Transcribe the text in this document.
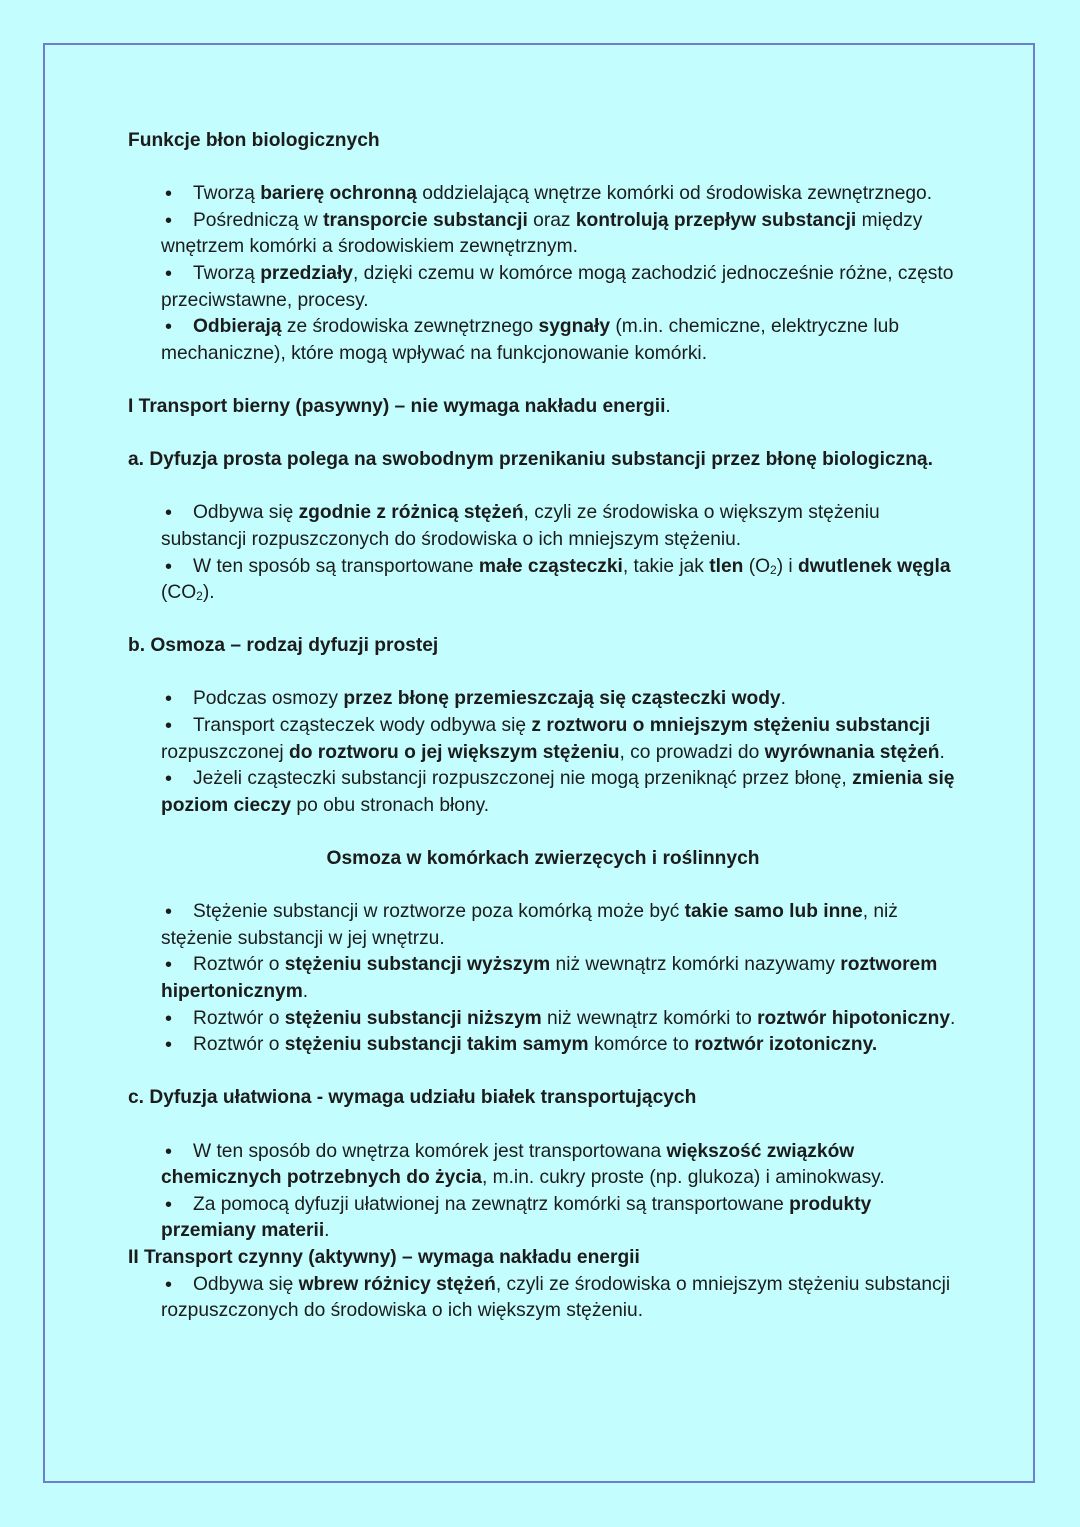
Funkcje błon biologicznych
• Tworzą barierę ochronną oddzielającą wnętrze komórki od środowiska zewnętrznego.
• Pośredniczą w transporcie substancji oraz kontrolują przepływ substancji między wnętrzem komórki a środowiskiem zewnętrznym.
• Tworzą przedziały, dzięki czemu w komórce mogą zachodzić jednocześnie różne, często przeciwstawne, procesy.
• Odbierają ze środowiska zewnętrznego sygnały (m.in. chemiczne, elektryczne lub mechaniczne), które mogą wpływać na funkcjonowanie komórki.
I Transport bierny (pasywny) – nie wymaga nakładu energii.
a. Dyfuzja prosta polega na swobodnym przenikaniu substancji przez błonę biologiczną.
• Odbywa się zgodnie z różnicą stężeń, czyli ze środowiska o większym stężeniu substancji rozpuszczonych do środowiska o ich mniejszym stężeniu.
• W ten sposób są transportowane małe cząsteczki, takie jak tlen $(O_2)$ i dwutlenek węgla $(CO_2)$.
b. Osmoza – rodzaj dyfuzji prostej
• Podczas osmozy przez błonę przemieszczają się cząsteczki wody.
• Transport cząsteczek wody odbywa się z roztworu o mniejszym stężeniu substancji rozpuszczonej do roztworu o jej większym stężeniu, co prowadzi do wyrównania stężeń.
• Jeżeli cząsteczki substancji rozpuszczonej nie mogą przeniknąć przez błonę, zmienia się poziom cieczy po obu stronach błony.
Osmoza w komórkach zwierzęcych i roślinnych
• Stężenie substancji w roztworze poza komórką może być takie samo lub inne, niż stężenie substancji w jej wnętrzu.
• Roztwór o stężeniu substancji wyższym niż wewnątrz komórki nazywamy roztworem hipertonicznym.
• Roztwór o stężeniu substancji niższym niż wewnątrz komórki to roztwór hipotoniczny.
• Roztwór o stężeniu substancji takim samym komórce to roztwór izotoniczny.
c. Dyfuzja ułatwiona - wymaga udziału białek transportujących
• W ten sposób do wnętrza komórek jest transportowana większość związków chemicznych potrzebnych do życia, m.in. cukry proste (np. glukoza) i aminokwasy.
• Za pomocą dyfuzji ułatwionej na zewnątrz komórki są transportowane produkty przemiany materii.
II Transport czynny (aktywny) – wymaga nakładu energii
• Odbywa się wbrew różnicy stężeń, czyli ze środowiska o mniejszym stężeniu substancji rozpuszczonych do środowiska o ich większym stężeniu.
